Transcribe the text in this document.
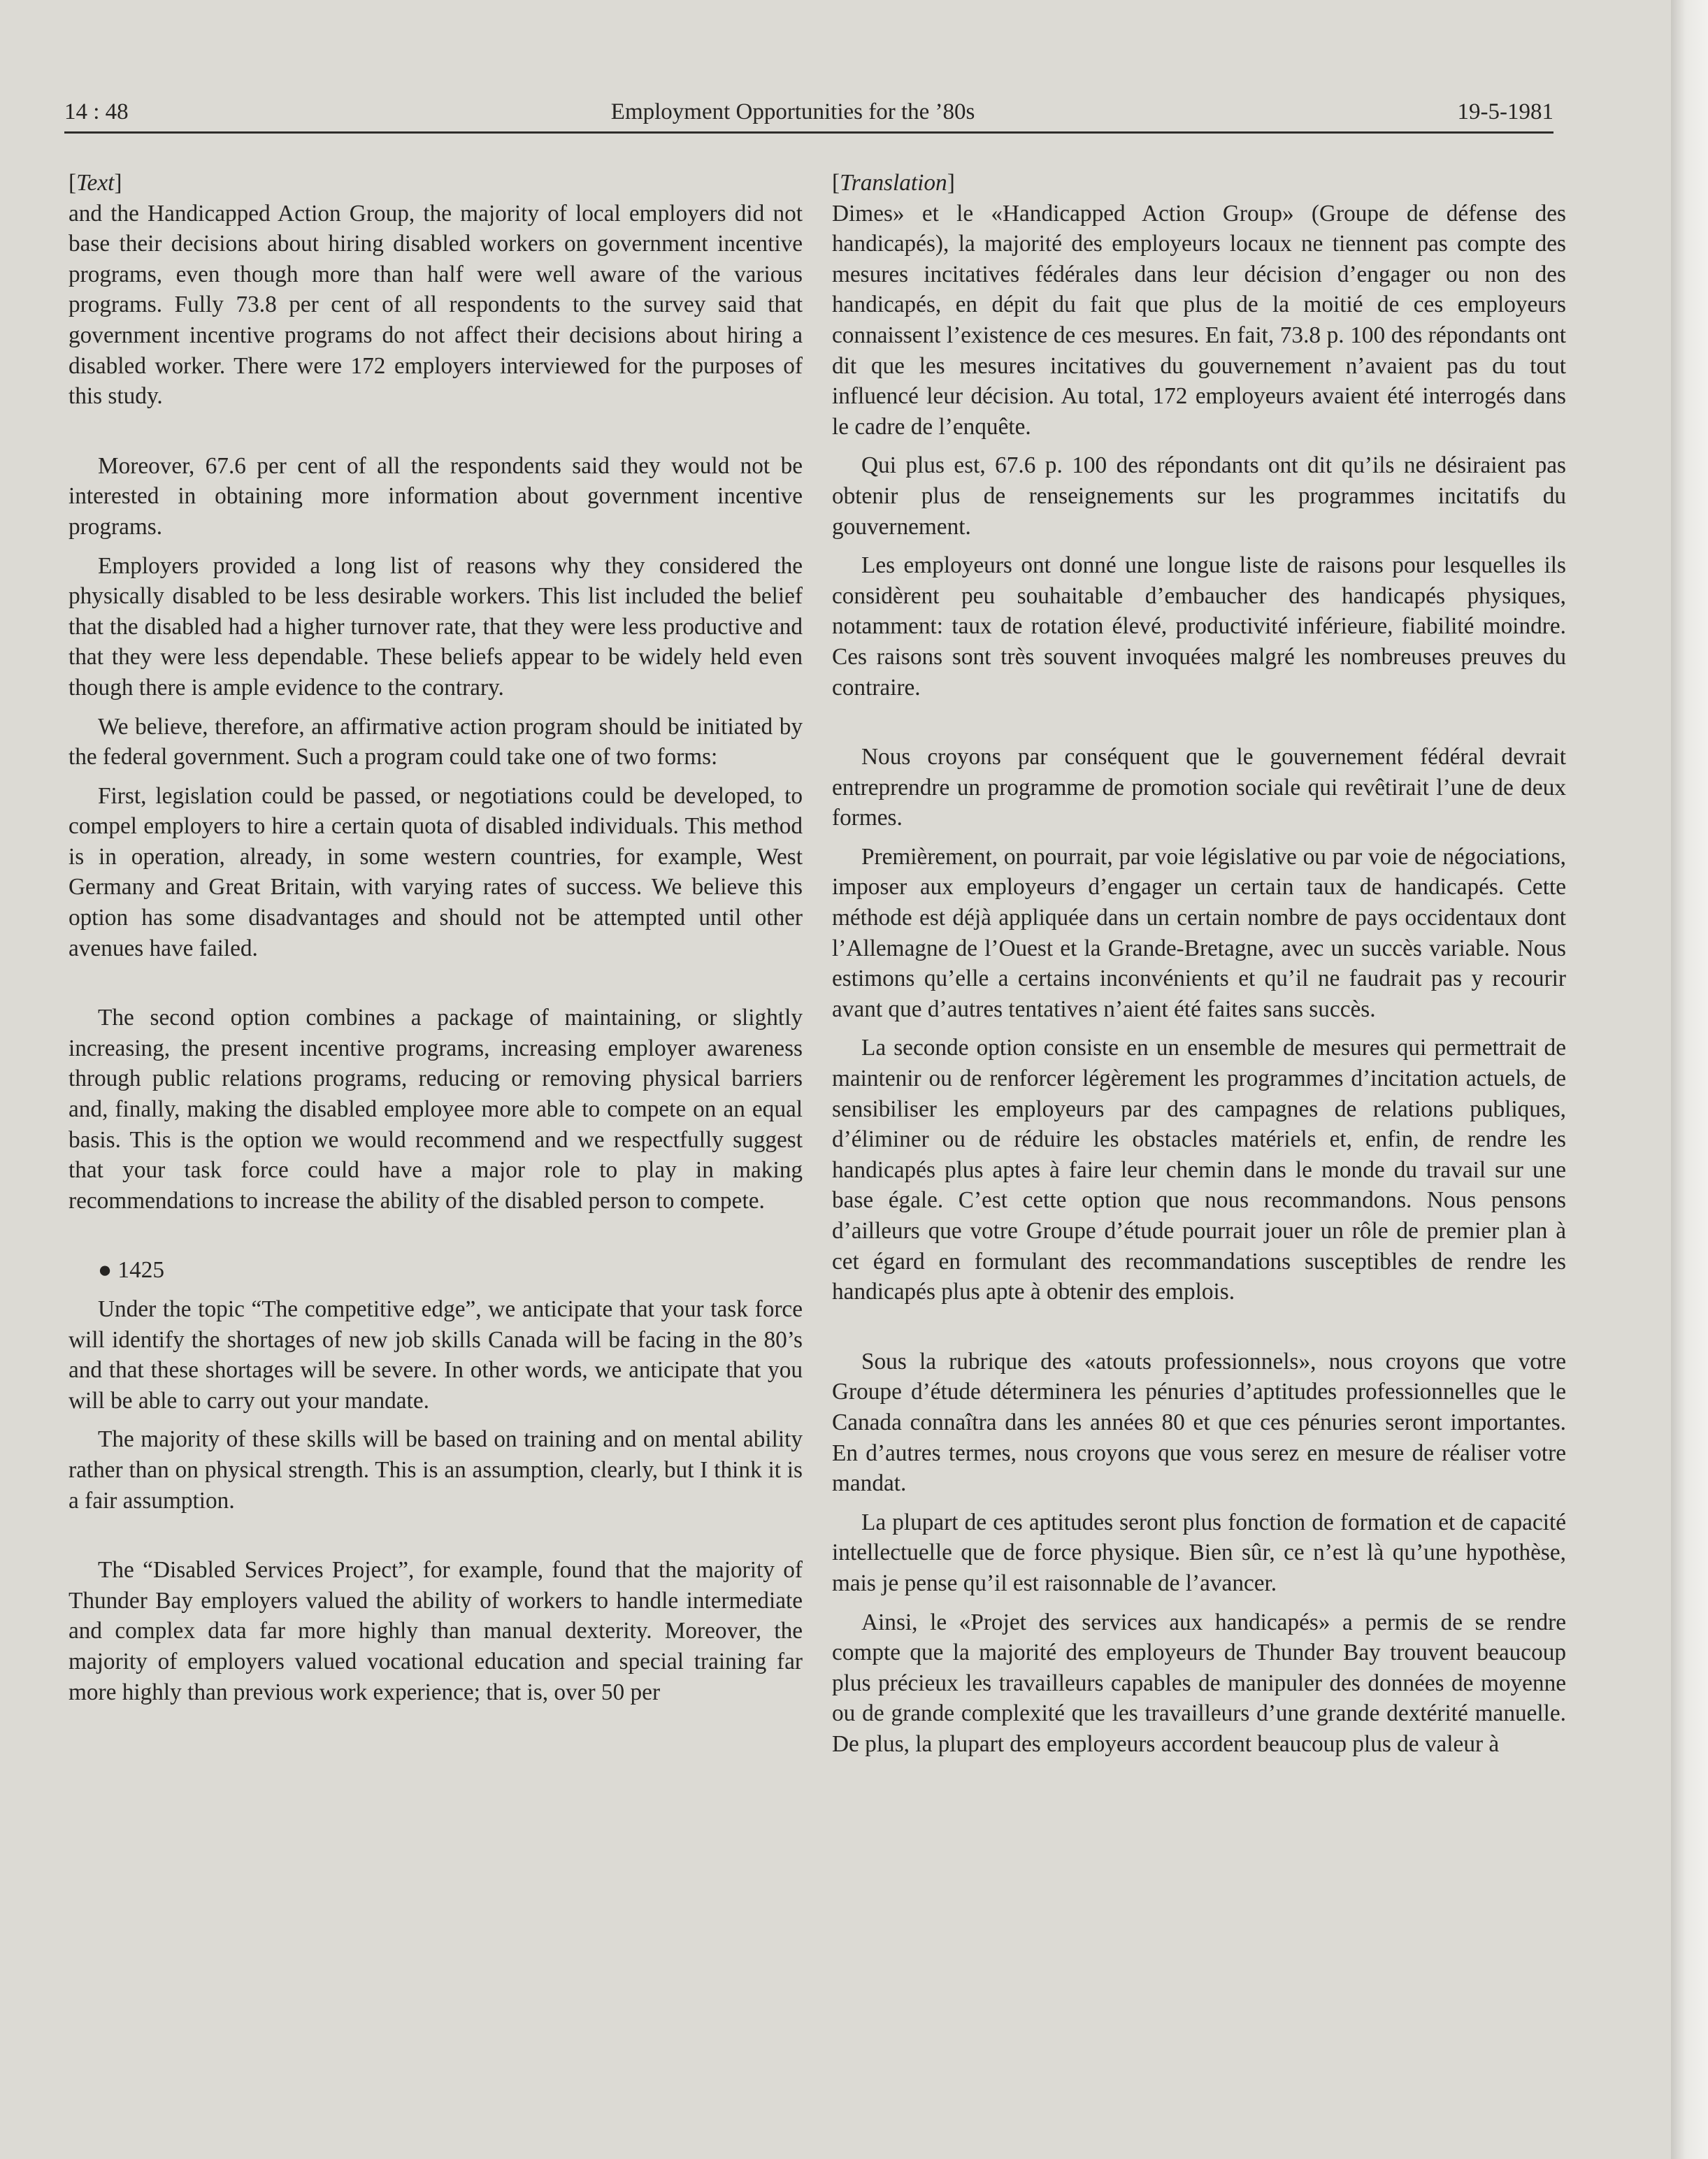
14 : 48	Employment Opportunities for the ’80s	19-5-1981
[Text]

and the Handicapped Action Group, the majority of local employers did not base their decisions about hiring disabled workers on government incentive programs, even though more than half were well aware of the various programs. Fully 73.8 per cent of all respondents to the survey said that government incentive programs do not affect their decisions about hiring a disabled worker. There were 172 employers interviewed for the purposes of this study.

Moreover, 67.6 per cent of all the respondents said they would not be interested in obtaining more information about government incentive programs.

Employers provided a long list of reasons why they considered the physically disabled to be less desirable workers. This list included the belief that the disabled had a higher turnover rate, that they were less productive and that they were less dependable. These beliefs appear to be widely held even though there is ample evidence to the contrary.

We believe, therefore, an affirmative action program should be initiated by the federal government. Such a program could take one of two forms:

First, legislation could be passed, or negotiations could be developed, to compel employers to hire a certain quota of disabled individuals. This method is in operation, already, in some western countries, for example, West Germany and Great Britain, with varying rates of success. We believe this option has some disadvantages and should not be attempted until other avenues have failed.

The second option combines a package of maintaining, or slightly increasing, the present incentive programs, increasing employer awareness through public relations programs, reducing or removing physical barriers and, finally, making the disabled employee more able to compete on an equal basis. This is the option we would recommend and we respectfully suggest that your task force could have a major role to play in making recommendations to increase the ability of the disabled person to compete.

● 1425

Under the topic “The competitive edge”, we anticipate that your task force will identify the shortages of new job skills Canada will be facing in the 80’s and that these shortages will be severe. In other words, we anticipate that you will be able to carry out your mandate.

The majority of these skills will be based on training and on mental ability rather than on physical strength. This is an assumption, clearly, but I think it is a fair assumption.

The “Disabled Services Project”, for example, found that the majority of Thunder Bay employers valued the ability of workers to handle intermediate and complex data far more highly than manual dexterity. Moreover, the majority of employers valued vocational education and special training far more highly than previous work experience; that is, over 50 per

[Translation]

Dimes» et le «Handicapped Action Group» (Groupe de défense des handicapés), la majorité des employeurs locaux ne tiennent pas compte des mesures incitatives fédérales dans leur décision d’engager ou non des handicapés, en dépit du fait que plus de la moitié de ces employeurs connaissent l’existence de ces mesures. En fait, 73.8 p. 100 des répondants ont dit que les mesures incitatives du gouvernement n’avaient pas du tout influencé leur décision. Au total, 172 employeurs avaient été interrogés dans le cadre de l’enquête.

Qui plus est, 67.6 p. 100 des répondants ont dit qu’ils ne désiraient pas obtenir plus de renseignements sur les programmes incitatifs du gouvernement.

Les employeurs ont donné une longue liste de raisons pour lesquelles ils considèrent peu souhaitable d’embaucher des handicapés physiques, notamment: taux de rotation élevé, productivité inférieure, fiabilité moindre. Ces raisons sont très souvent invoquées malgré les nombreuses preuves du contraire.

Nous croyons par conséquent que le gouvernement fédéral devrait entreprendre un programme de promotion sociale qui revêtirait l’une de deux formes.

Premièrement, on pourrait, par voie législative ou par voie de négociations, imposer aux employeurs d’engager un certain taux de handicapés. Cette méthode est déjà appliquée dans un certain nombre de pays occidentaux dont l’Allemagne de l’Ouest et la Grande-Bretagne, avec un succès variable. Nous estimons qu’elle a certains inconvénients et qu’il ne faudrait pas y recourir avant que d’autres tentatives n’aient été faites sans succès.

La seconde option consiste en un ensemble de mesures qui permettrait de maintenir ou de renforcer légèrement les programmes d’incitation actuels, de sensibiliser les employeurs par des campagnes de relations publiques, d’éliminer ou de réduire les obstacles matériels et, enfin, de rendre les handicapés plus aptes à faire leur chemin dans le monde du travail sur une base égale. C’est cette option que nous recommandons. Nous pensons d’ailleurs que votre Groupe d’étude pourrait jouer un rôle de premier plan à cet égard en formulant des recommandations susceptibles de rendre les handicapés plus apte à obtenir des emplois.

Sous la rubrique des «atouts professionnels», nous croyons que votre Groupe d’étude déterminera les pénuries d’aptitudes professionnelles que le Canada connaîtra dans les années 80 et que ces pénuries seront importantes. En d’autres termes, nous croyons que vous serez en mesure de réaliser votre mandat.

La plupart de ces aptitudes seront plus fonction de formation et de capacité intellectuelle que de force physique. Bien sûr, ce n’est là qu’une hypothèse, mais je pense qu’il est raisonnable de l’avancer.

Ainsi, le «Projet des services aux handicapés» a permis de se rendre compte que la majorité des employeurs de Thunder Bay trouvent beaucoup plus précieux les travailleurs capables de manipuler des données de moyenne ou de grande complexité que les travailleurs d’une grande dextérité manuelle. De plus, la plupart des employeurs accordent beaucoup plus de valeur à
